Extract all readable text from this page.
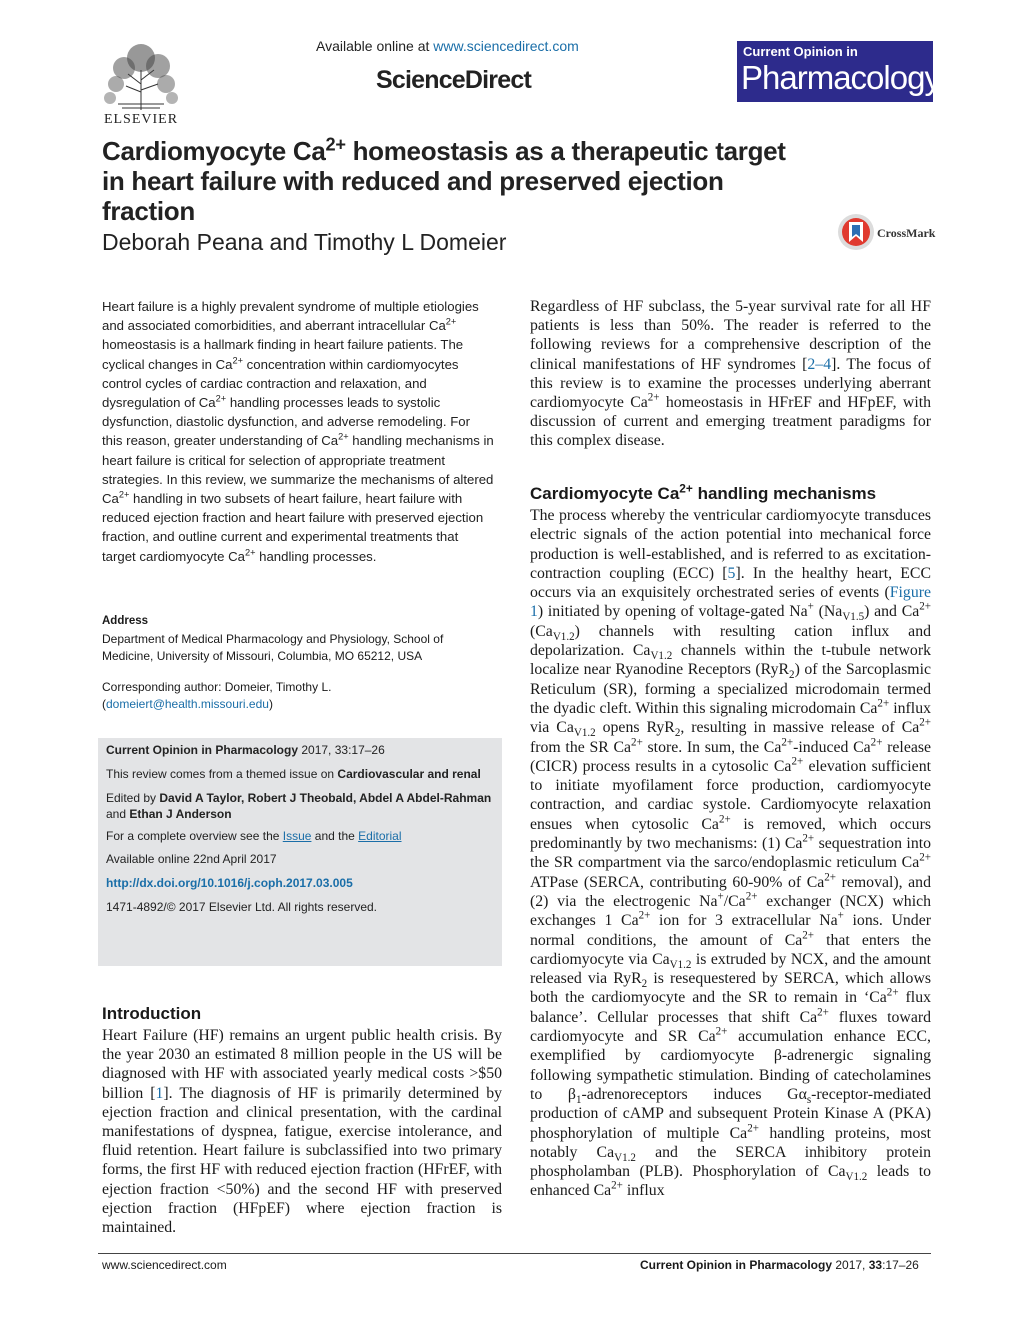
ELSEVIER
Available online at www.sciencedirect.com
ScienceDirect
Current Opinion in
Pharmacology
Cardiomyocyte $Ca^{2+}$ homeostasis as a therapeutic target in heart failure with reduced and preserved ejection fraction
Deborah Peana and Timothy L Domeier	CrossMark
Heart failure is a highly prevalent syndrome of multiple etiologies and associated comorbidities, and aberrant intracellular $Ca^{2+}$ homeostasis is a hallmark finding in heart failure patients. The cyclical changes in $Ca^{2+}$ concentration within cardiomyocytes control cycles of cardiac contraction and relaxation, and dysregulation of $Ca^{2+}$ handling processes leads to systolic dysfunction, diastolic dysfunction, and adverse remodeling. For this reason, greater understanding of $Ca^{2+}$ handling mechanisms in heart failure is critical for selection of appropriate treatment strategies. In this review, we summarize the mechanisms of altered $Ca^{2+}$ handling in two subsets of heart failure, heart failure with reduced ejection fraction and heart failure with preserved ejection fraction, and outline current and experimental treatments that target cardiomyocyte $Ca^{2+}$ handling processes.
Address
Department of Medical Pharmacology and Physiology, School of Medicine, University of Missouri, Columbia, MO 65212, USA
Corresponding author: Domeier, Timothy L. (domeiert@health.missouri.edu)
Current Opinion in Pharmacology 2017, 33:17–26
This review comes from a themed issue on Cardiovascular and renal
Edited by David A Taylor, Robert J Theobald, Abdel A Abdel-Rahman and Ethan J Anderson
For a complete overview see the Issue and the Editorial
Available online 22nd April 2017
http://dx.doi.org/10.1016/j.coph.2017.03.005
1471-4892/© 2017 Elsevier Ltd. All rights reserved.
Introduction
Heart Failure (HF) remains an urgent public health crisis. By the year 2030 an estimated 8 million people in the US will be diagnosed with HF with associated yearly medical costs >$50 billion [1]. The diagnosis of HF is primarily determined by ejection fraction and clinical presentation, with the cardinal manifestations of dyspnea, fatigue, exercise intolerance, and fluid retention. Heart failure is subclassified into two primary forms, the first HF with reduced ejection fraction (HFrEF, with ejection fraction <50%) and the second HF with preserved ejection fraction (HFpEF) where ejection fraction is maintained.
Regardless of HF subclass, the 5-year survival rate for all HF patients is less than 50%. The reader is referred to the following reviews for a comprehensive description of the clinical manifestations of HF syndromes [2–4]. The focus of this review is to examine the processes underlying aberrant cardiomyocyte $Ca^{2+}$ homeostasis in HFrEF and HFpEF, with discussion of current and emerging treatment paradigms for this complex disease.
Cardiomyocyte $Ca^{2+}$ handling mechanisms
The process whereby the ventricular cardiomyocyte transduces electric signals of the action potential into mechanical force production is well-established, and is referred to as excitation-contraction coupling (ECC) [5]. In the healthy heart, ECC occurs via an exquisitely orchestrated series of events (Figure 1) initiated by opening of voltage-gated Na+ $(Na_{V1.5})$ and $Ca^{2+}$ $(Ca_{V1.2})$ channels with resulting cation influx and depolarization. $Ca_{V1.2}$ channels within the t-tubule network localize near Ryanodine Receptors (RyR$_2$) of the Sarcoplasmic Reticulum (SR), forming a specialized microdomain termed the dyadic cleft. Within this signaling microdomain $Ca^{2+}$ influx via $Ca_{V1.2}$ opens RyR$_2$, resulting in massive release of $Ca^{2+}$ from the SR $Ca^{2+}$ store. In sum, the $Ca^{2+}$-induced $Ca^{2+}$ release (CICR) process results in a cytosolic $Ca^{2+}$ elevation sufficient to initiate myofilament force production, cardiomyocyte contraction, and cardiac systole. Cardiomyocyte relaxation ensues when cytosolic $Ca^{2+}$ is removed, which occurs predominantly by two mechanisms: (1) $Ca^{2+}$ sequestration into the SR compartment via the sarco/endoplasmic reticulum $Ca^{2+}$ ATPase (SERCA, contributing 60-90% of $Ca^{2+}$ removal), and (2) via the electrogenic $Na^+/Ca^{2+}$ exchanger (NCX) which exchanges 1 $Ca^{2+}$ ion for 3 extracellular Na+ ions. Under normal conditions, the amount of $Ca^{2+}$ that enters the cardiomyocyte via $Ca_{V1.2}$ is extruded by NCX, and the amount released via RyR$_2$ is resequestered by SERCA, which allows both the cardiomyocyte and the SR to remain in ‘$Ca^{2+}$ flux balance’. Cellular processes that shift $Ca^{2+}$ fluxes toward cardiomyocyte and SR $Ca^{2+}$ accumulation enhance ECC, exemplified by cardiomyocyte β-adrenergic signaling following sympathetic stimulation. Binding of catecholamines to $\beta_1$-adrenoreceptors induces $G\alpha_s-receptor$-mediated production of cAMP and subsequent Protein Kinase A (PKA) phosphorylation of multiple $Ca^{2+}$ handling proteins, most notably $Ca_{V1.2}$ and the SERCA inhibitory protein phospholamban (PLB). Phosphorylation of $Ca_{V1.2}$ leads to enhanced $Ca^{2+}$ influx
www.sciencedirect.com	Current Opinion in Pharmacology 2017, 33:17–26
